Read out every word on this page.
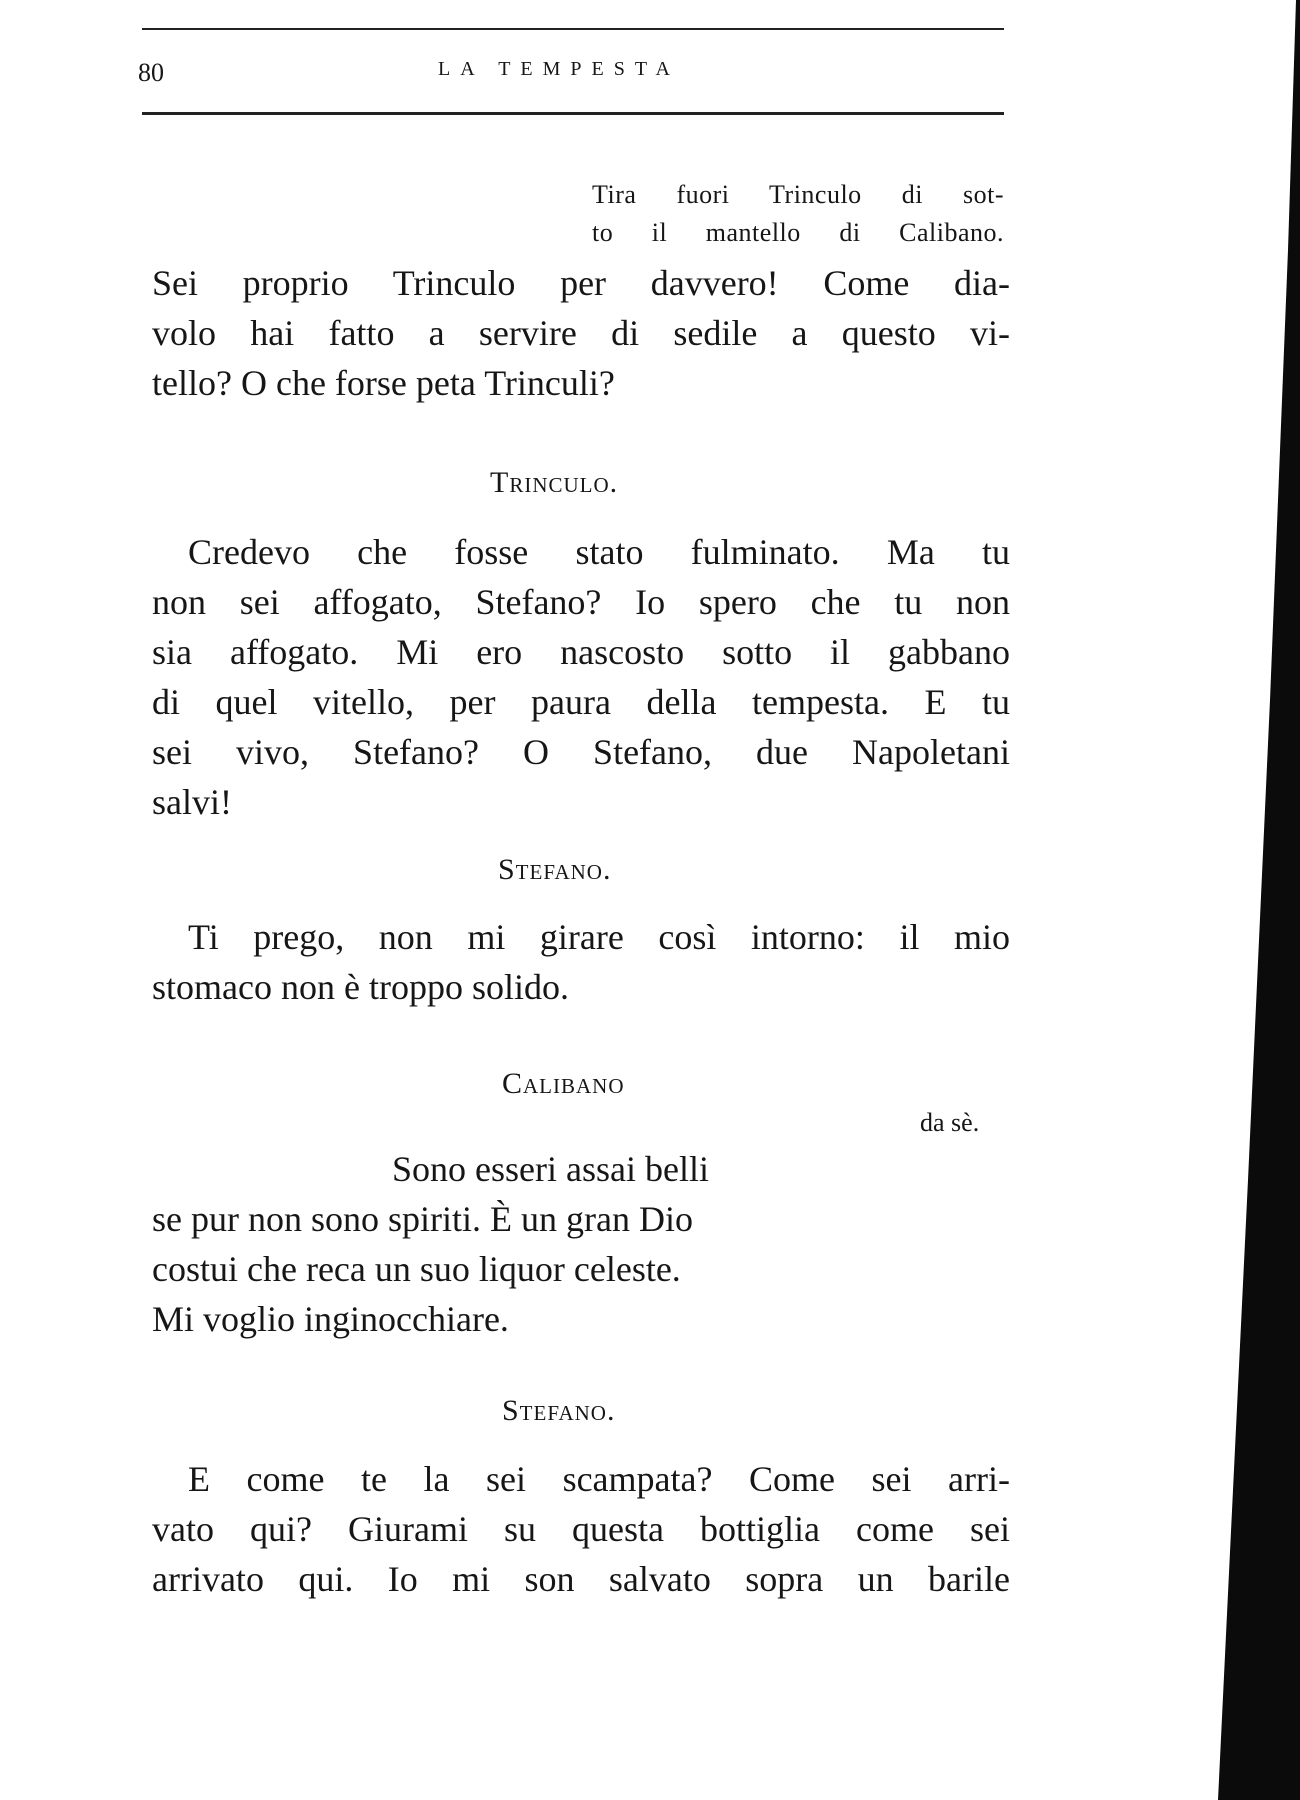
80	LA TEMPESTA
Tira fuori Trinculo di sot-
to il mantello di Calibano.
Sei proprio Trinculo per davvero! Come dia-
volo hai fatto a servire di sedile a questo vi-
tello? O che forse peta Trinculi?
Trinculo.
Credevo che fosse stato fulminato. Ma tu
non sei affogato, Stefano? Io spero che tu non
sia affogato. Mi ero nascosto sotto il gabbano
di quel vitello, per paura della tempesta. E tu
sei vivo, Stefano? O Stefano, due Napoletani
salvi!
Stefano.
Ti prego, non mi girare così intorno: il mio
stomaco non è troppo solido.
Calibano
da sè.
Sono esseri assai belli
se pur non sono spiriti. È un gran Dio
costui che reca un suo liquor celeste.
Mi voglio inginocchiare.
Stefano.
E come te la sei scampata? Come sei arri-
vato qui? Giurami su questa bottiglia come sei
arrivato qui. Io mi son salvato sopra un barile
